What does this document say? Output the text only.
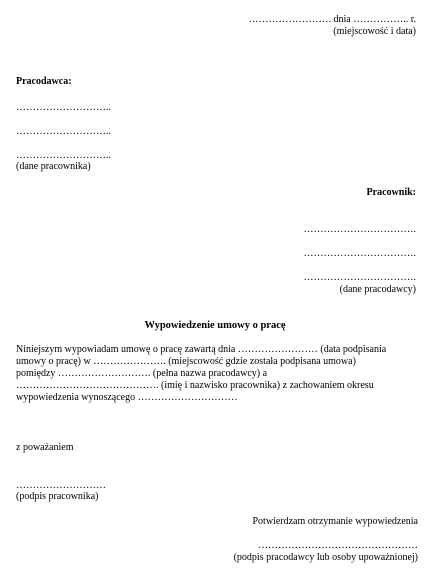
……………………. dnia …………….. r.
(miejscowość i data)
Pracodawca:
………………………..
………………………..
………………………..
(dane pracownika)
Pracownik:
…………………………….
…………………………….
…………………………….
(dane pracodawcy)
Wypowiedzenie umowy o pracę
Niniejszym wypowiadam umowę o pracę zawartą dnia …………………… (data podpisania
umowy o pracę) w …………………. (miejscowość gdzie została podpisana umowa)
pomiędzy ………………………. (pełna nazwa pracodawcy) a
……………………………………. (imię i nazwisko pracownika) z zachowaniem okresu
wypowiedzenia wynoszącego …………………………
z poważaniem
………………………
(podpis pracownika)
Potwierdzam otrzymanie wypowiedzenia
…………………………………………
(podpis pracodawcy lub osoby upoważnionej)
